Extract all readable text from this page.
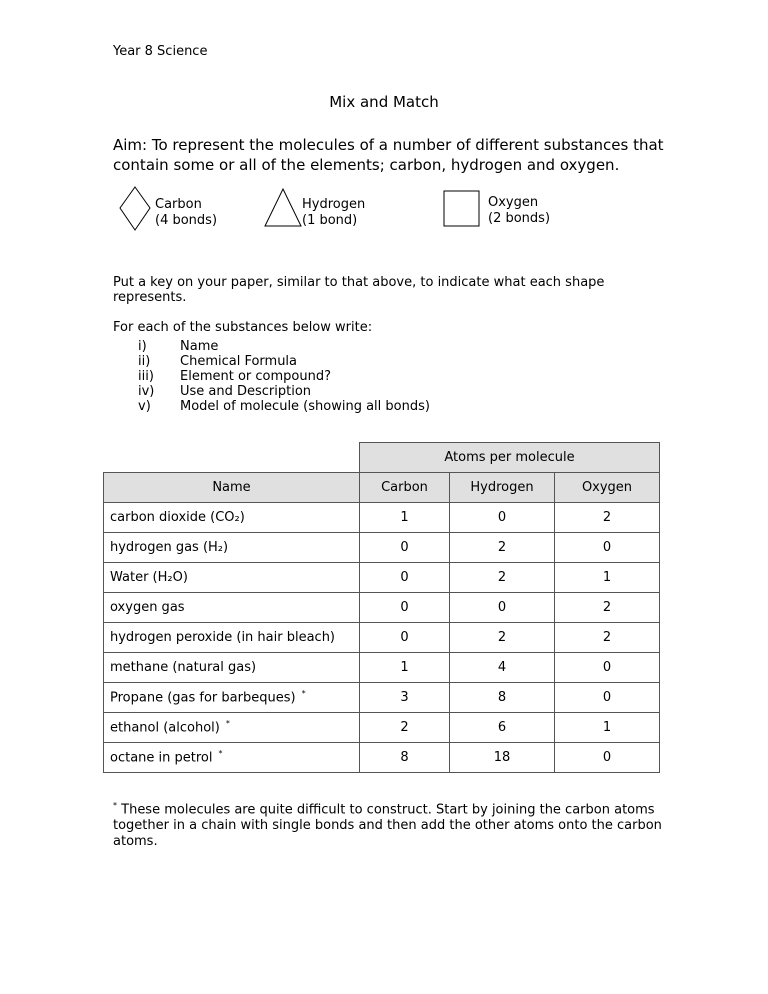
Year 8 Science
Mix and Match
Aim: To represent the molecules of a number of different substances that contain some or all of the elements; carbon, hydrogen and oxygen.
Carbon
(4 bonds)
Hydrogen
(1 bond)
Oxygen
(2 bonds)
Put a key on your paper, similar to that above, to indicate what each shape represents.
For each of the substances below write:
i)	Name
ii)	Chemical Formula
iii)	Element or compound?
iv)	Use and Description
v)	Model of molecule (showing all bonds)
	Atoms per molecule		
Name	Carbon	Hydrogen	Oxygen
carbon dioxide (CO₂)	1	0	2
hydrogen gas (H₂)	0	2	0
Water (H₂O)	0	2	1
oxygen gas	0	0	2
hydrogen peroxide (in hair bleach)	0	2	2
methane (natural gas)	1	4	0
Propane (gas for barbeques) *	3	8	0
ethanol (alcohol) *	2	6	1
octane in petrol *	8	18	0
* These molecules are quite difficult to construct. Start by joining the carbon atoms together in a chain with single bonds and then add the other atoms onto the carbon atoms.
